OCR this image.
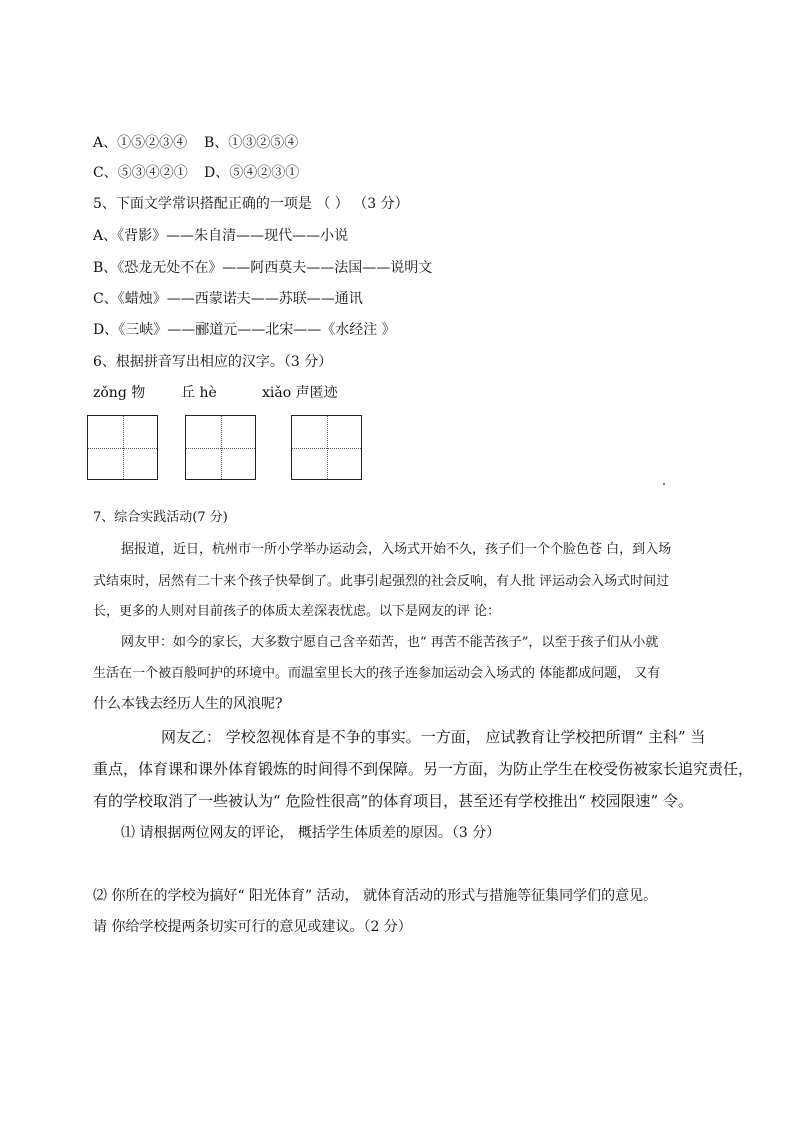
A、①⑤②③④ B、①③②⑤④
C、⑤③④②① D、⑤④②③①
5、下面文学常识搭配正确的一项是 （ ） （3 分）
A、《背影》——朱自清——现代——小说
B、《恐龙无处不在》——阿西莫夫——法国——说明文
C、《蜡烛》——西蒙诺夫——苏联——通讯
D、《三峡》——郦道元——北宋——《水经注 》
6、根据拼音写出相应的汉字。（3 分）
zǒng 物	丘 hè	xiǎo 声匿迹
7、综合实践活动(7 分)
据报道，近日，杭州市一所小学举办运动会，入场式开始不久，孩子们一个个脸色苍 白，到入场
式结束时，居然有二十来个孩子快晕倒了。此事引起强烈的社会反响，有人批 评运动会入场式时间过
长，更多的人则对目前孩子的体质太差深表忧虑。以下是网友的评 论：
网友甲：如今的家长，大多数宁愿自己含辛茹苦，也“ 再苦不能苦孩子”，以至于孩子们从小就
生活在一个被百般呵护的环境中。而温室里长大的孩子连参加运动会入场式的 体能都成问题， 又有
什么本钱去经历人生的风浪呢?
网友乙： 学校忽视体育是不争的事实。一方面， 应试教育让学校把所谓“ 主科” 当
重点，体育课和课外体育锻炼的时间得不到保障。另一方面，为防止学生在校受伤被家长追究责任，
有的学校取消了一些被认为“ 危险性很高”的体育项目，甚至还有学校推出“ 校园限速” 令。
⑴ 请根据两位网友的评论， 概括学生体质差的原因。（3 分）
⑵ 你所在的学校为搞好“ 阳光体育” 活动， 就体育活动的形式与措施等征集同学们的意见。
请 你给学校提两条切实可行的意见或建议。（2 分）
